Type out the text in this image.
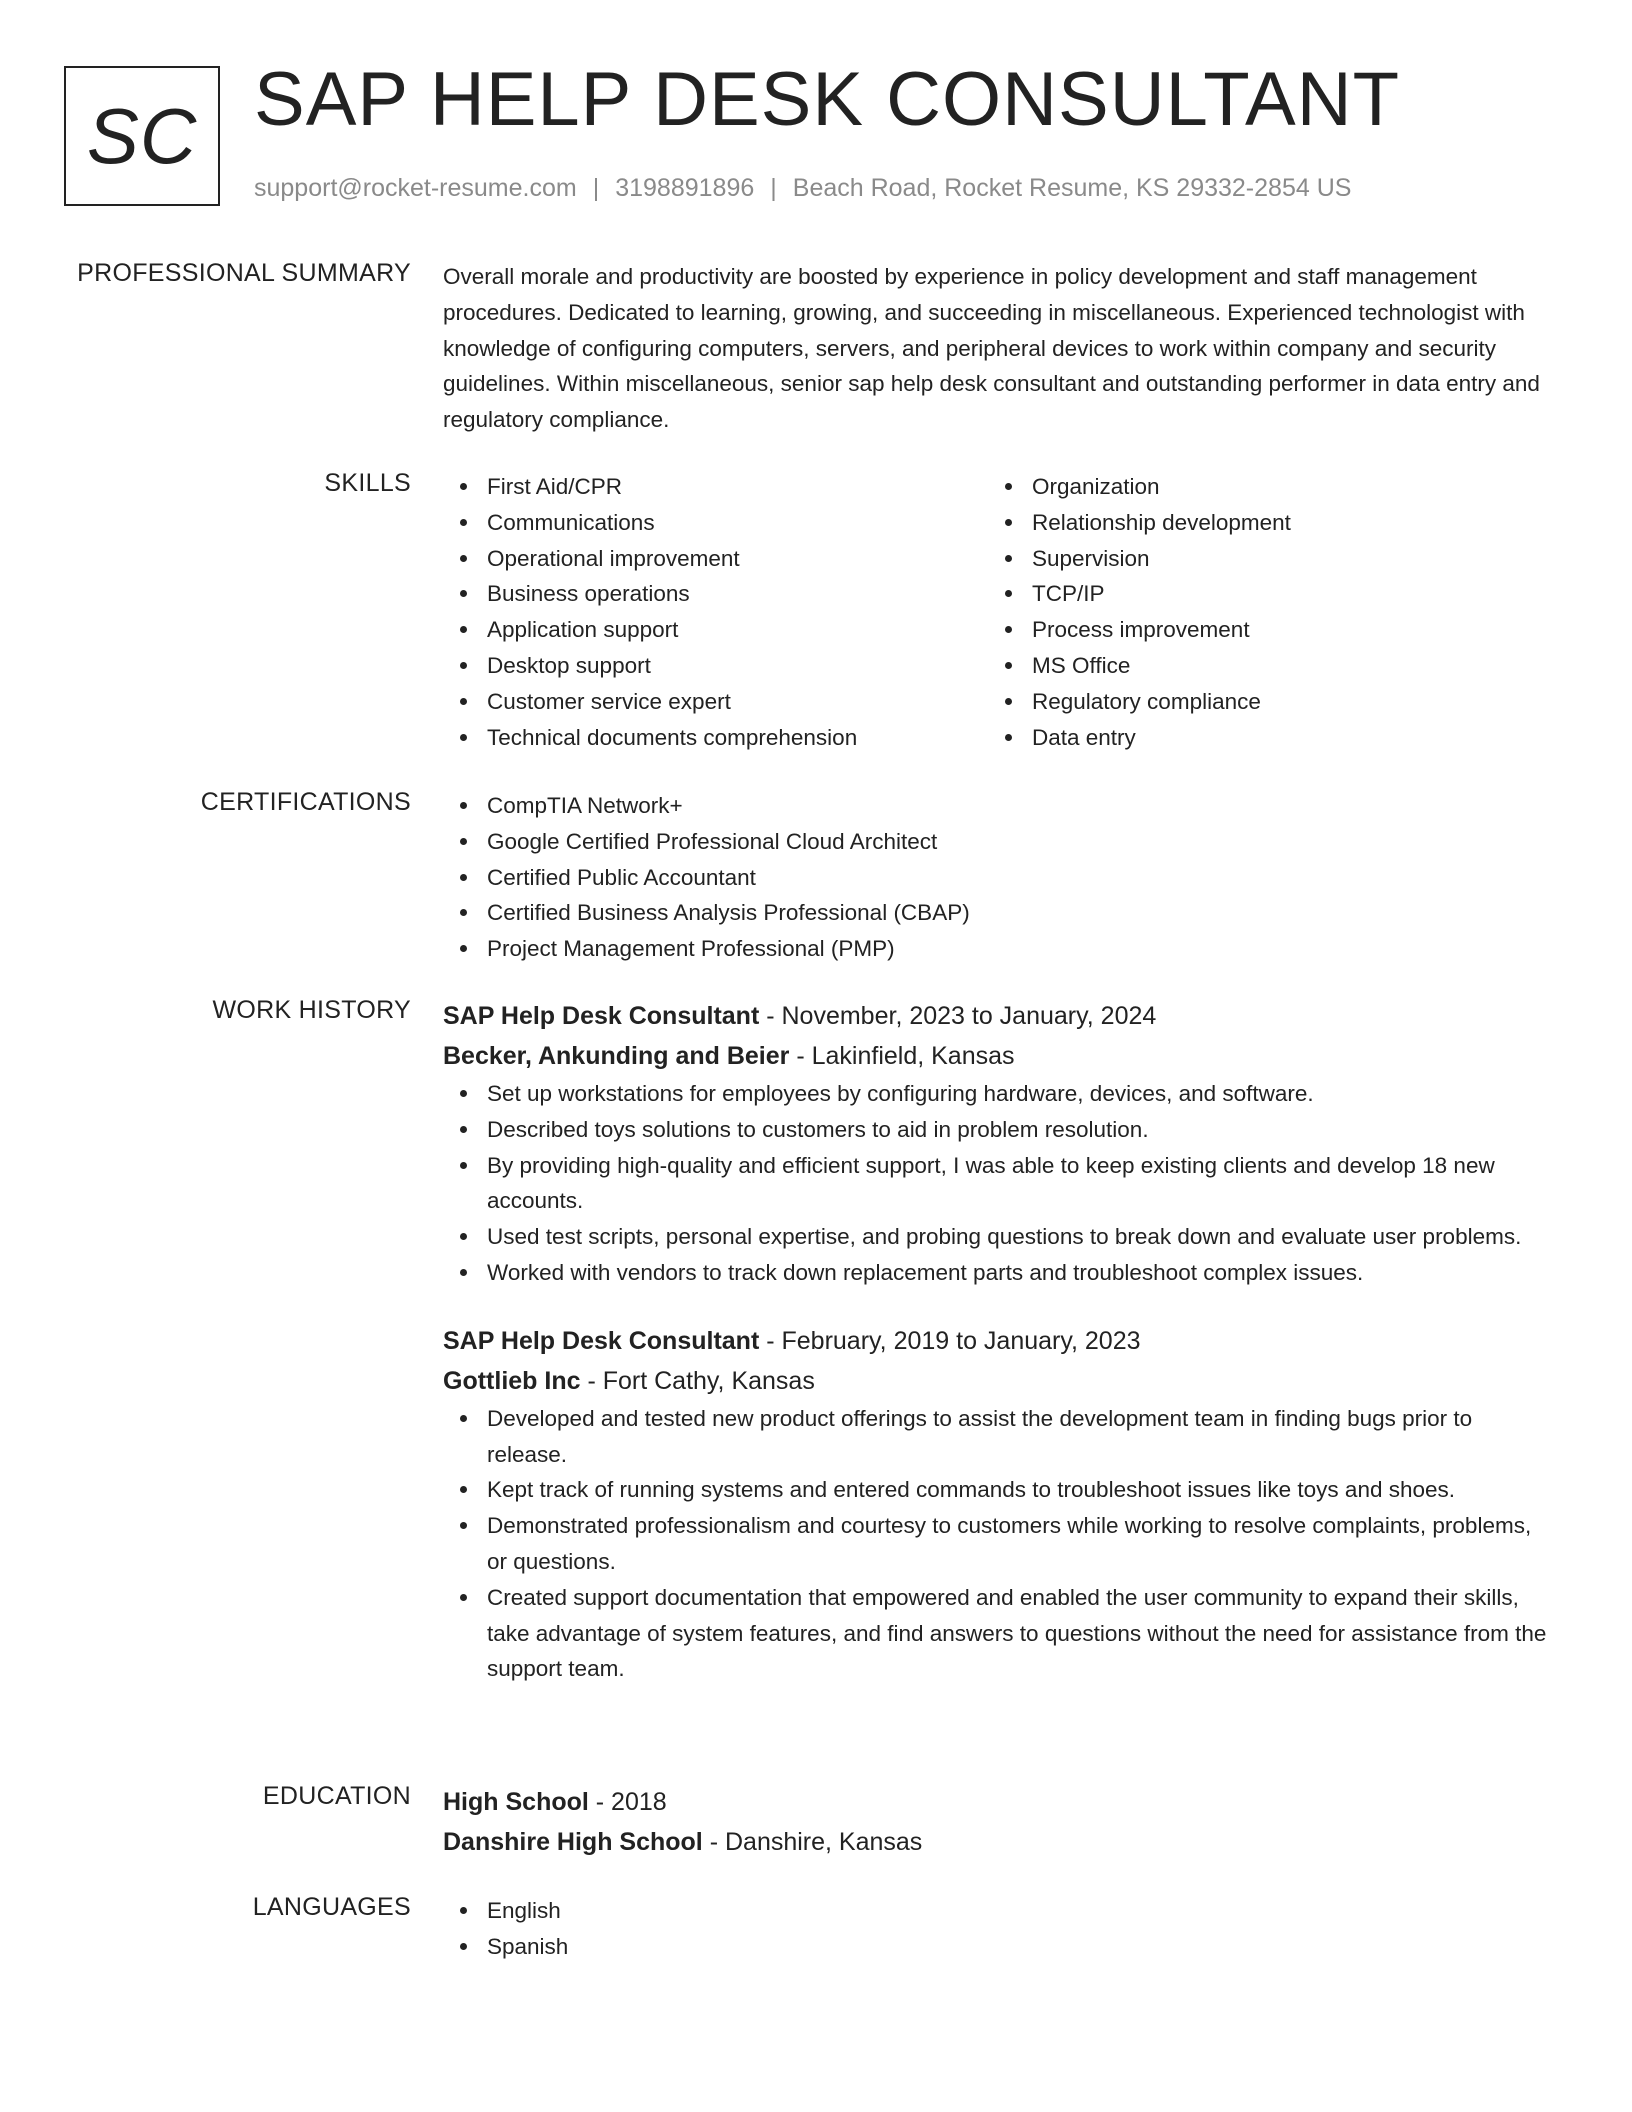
SC SAP HELP DESK CONSULTANT
support@rocket-resume.com | 3198891896 | Beach Road, Rocket Resume, KS 29332-2854 US
PROFESSIONAL SUMMARY Overall morale and productivity are boosted by experience in policy development and staff management procedures. Dedicated to learning, growing, and succeeding in miscellaneous. Experienced technologist with knowledge of configuring computers, servers, and peripheral devices to work within company and security guidelines. Within miscellaneous, senior sap help desk consultant and outstanding performer in data entry and regulatory compliance.

SKILLS	First Aid/CPR
Communications
Operational improvement
Business operations
Application support
Desktop support
Customer service expert
Technical documents comprehension
Organization
Relationship development
Supervision
TCP/IP
Process improvement
MS Office
Regulatory compliance
Data entry
CERTIFICATIONS	CompTIA Network+
Google Certified Professional Cloud Architect
Certified Public Accountant
Certified Business Analysis Professional (CBAP)
Project Management Professional (PMP)
WORK HISTORY SAP Help Desk Consultant - November, 2023 to January, 2024
Becker, Ankunding and Beier - Lakinfield, Kansas
Set up workstations for employees by configuring hardware, devices, and software.
Described toys solutions to customers to aid in problem resolution.
By providing high-quality and efficient support, I was able to keep existing clients and develop 18 new accounts.
Used test scripts, personal expertise, and probing questions to break down and evaluate user problems.
Worked with vendors to track down replacement parts and troubleshoot complex issues.
SAP Help Desk Consultant - February, 2019 to January, 2023
Gottlieb Inc - Fort Cathy, Kansas
Developed and tested new product offerings to assist the development team in finding bugs prior to release.
Kept track of running systems and entered commands to troubleshoot issues like toys and shoes.
Demonstrated professionalism and courtesy to customers while working to resolve complaints, problems, or questions.
Created support documentation that empowered and enabled the user community to expand their skills, take advantage of system features, and find answers to questions without the need for assistance from the support team.
EDUCATION High School - 2018
Danshire High School - Danshire, Kansas
LANGUAGES	English
Spanish
